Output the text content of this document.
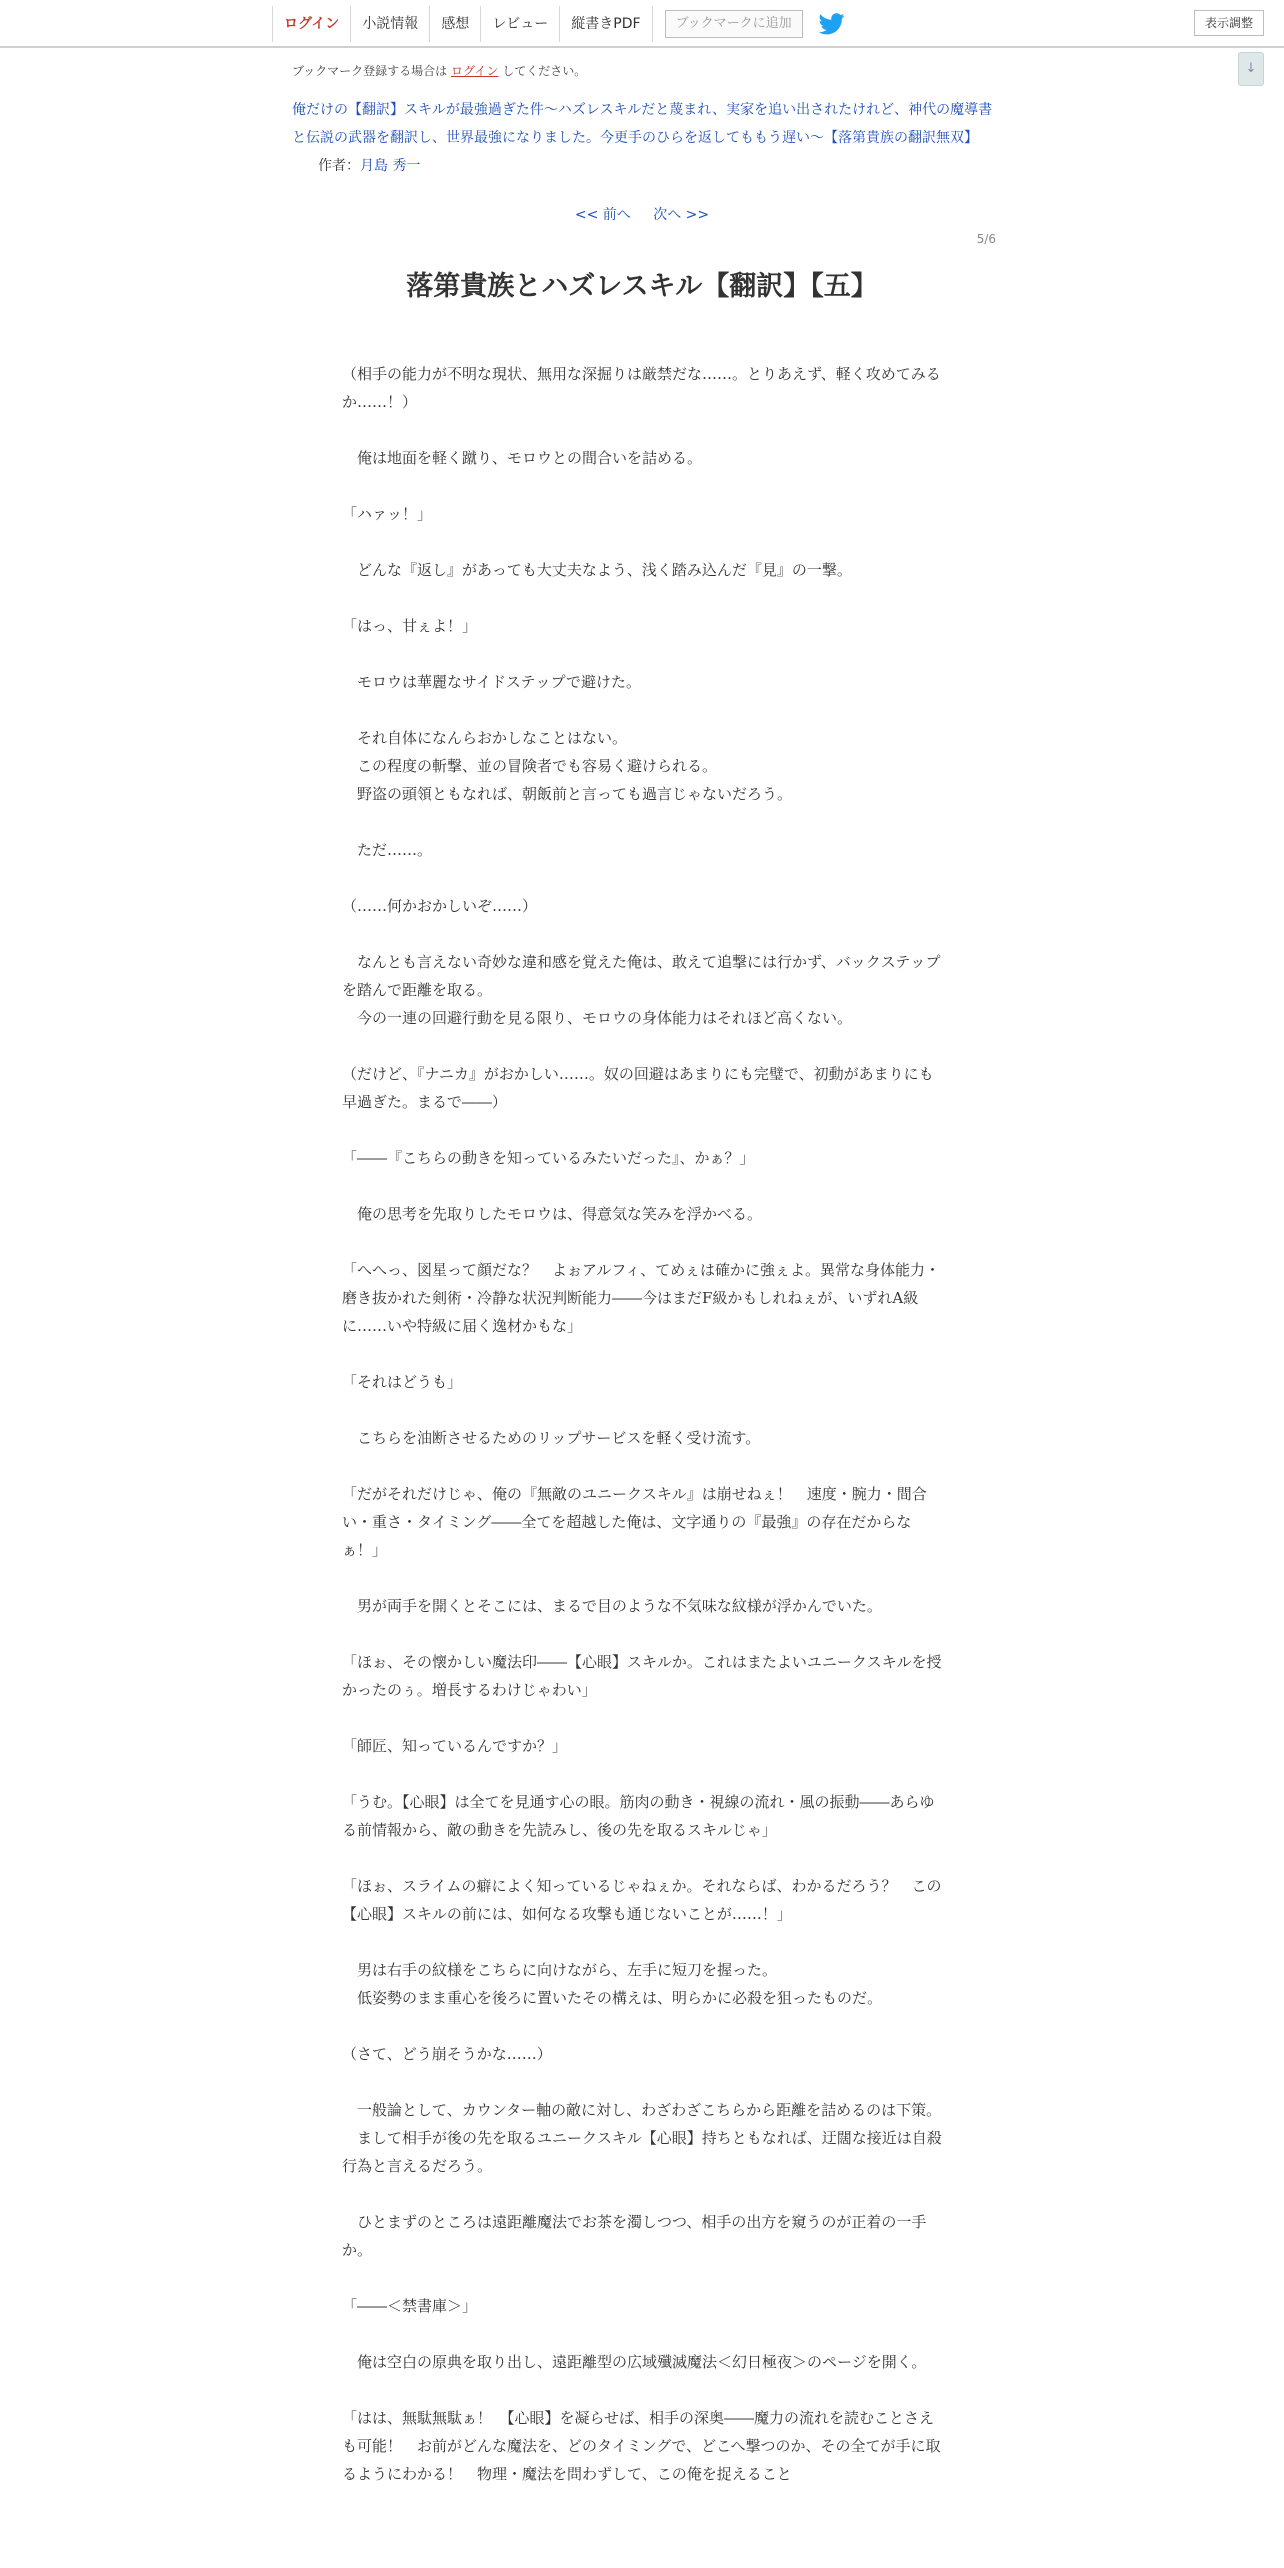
ログイン	小説情報	感想	レビュー	縦書きPDF	ブックマークに追加	表示調整
↓
ブックマーク登録する場合は ログイン してください。
俺だけの【翻訳】スキルが最強過ぎた件～ハズレスキルだと蔑まれ、実家を追い出されたけれど、神代の魔導書と伝説の武器を翻訳し、世界最強になりました。今更手のひらを返してももう遅い～【落第貴族の翻訳無双】 作者：月島 秀一
<< 前へ 次へ >>
5/6
落第貴族とハズレスキル【翻訳】【五】

（相手の能力が不明な現状、無用な深掘りは厳禁だな……。とりあえず、軽く攻めてみるか……！）

　俺は地面を軽く蹴り、モロウとの間合いを詰める。

「ハァッ！」

　どんな『返し』があっても大丈夫なよう、浅く踏み込んだ『見』の一撃。

「はっ、甘ぇよ！」

　モロウは華麗なサイドステップで避けた。

　それ自体になんらおかしなことはない。
　この程度の斬撃、並の冒険者でも容易く避けられる。
　野盗の頭領ともなれば、朝飯前と言っても過言じゃないだろう。

　ただ……。

（……何かおかしいぞ……）

　なんとも言えない奇妙な違和感を覚えた俺は、敢えて追撃には行かず、バックステップを踏んで距離を取る。
　今の一連の回避行動を見る限り、モロウの身体能力はそれほど高くない。

（だけど、『ナニカ』がおかしい……。奴の回避はあまりにも完璧で、初動があまりにも早過ぎた。まるで――）

「――『こちらの動きを知っているみたいだった』、かぁ？」

　俺の思考を先取りしたモロウは、得意気な笑みを浮かべる。

「へへっ、図星って顔だな？　よぉアルフィ、てめぇは確かに強ぇよ。異常な身体能力・磨き抜かれた剣術・冷静な状況判断能力――今はまだF級かもしれねぇが、いずれA級に……いや特級に届く逸材かもな」

「それはどうも」

　こちらを油断させるためのリップサービスを軽く受け流す。

「だがそれだけじゃ、俺の『無敵のユニークスキル』は崩せねぇ！　速度・腕力・間合い・重さ・タイミング――全てを超越した俺は、文字通りの『最強』の存在だからなぁ！」

　男が両手を開くとそこには、まるで目のような不気味な紋様が浮かんでいた。

「ほぉ、その懐かしい魔法印――【心眼】スキルか。これはまたよいユニークスキルを授かったのぅ。増長するわけじゃわい」

「師匠、知っているんですか？」

「うむ。【心眼】は全てを見通す心の眼。筋肉の動き・視線の流れ・風の振動――あらゆる前情報から、敵の動きを先読みし、後の先を取るスキルじゃ」

「ほぉ、スライムの癖によく知っているじゃねぇか。それならば、わかるだろう？　この【心眼】スキルの前には、如何なる攻撃も通じないことが……！」

　男は右手の紋様をこちらに向けながら、左手に短刀を握った。
　低姿勢のまま重心を後ろに置いたその構えは、明らかに必殺を狙ったものだ。

（さて、どう崩そうかな……）

　一般論として、カウンター軸の敵に対し、わざわざこちらから距離を詰めるのは下策。
　まして相手が後の先を取るユニークスキル【心眼】持ちともなれば、迂闊な接近は自殺行為と言えるだろう。

　ひとまずのところは遠距離魔法でお茶を濁しつつ、相手の出方を窺うのが正着の一手か。

「――＜禁書庫＞」

　俺は空白の原典を取り出し、遠距離型の広域殲滅魔法＜幻日極夜＞のページを開く。

「はは、無駄無駄ぁ！　【心眼】を凝らせば、相手の深奥――魔力の流れを読むことさえも可能！　お前がどんな魔法を、どのタイミングで、どこへ撃つのか、その全てが手に取るようにわかる！　物理・魔法を問わずして、この俺を捉えること
